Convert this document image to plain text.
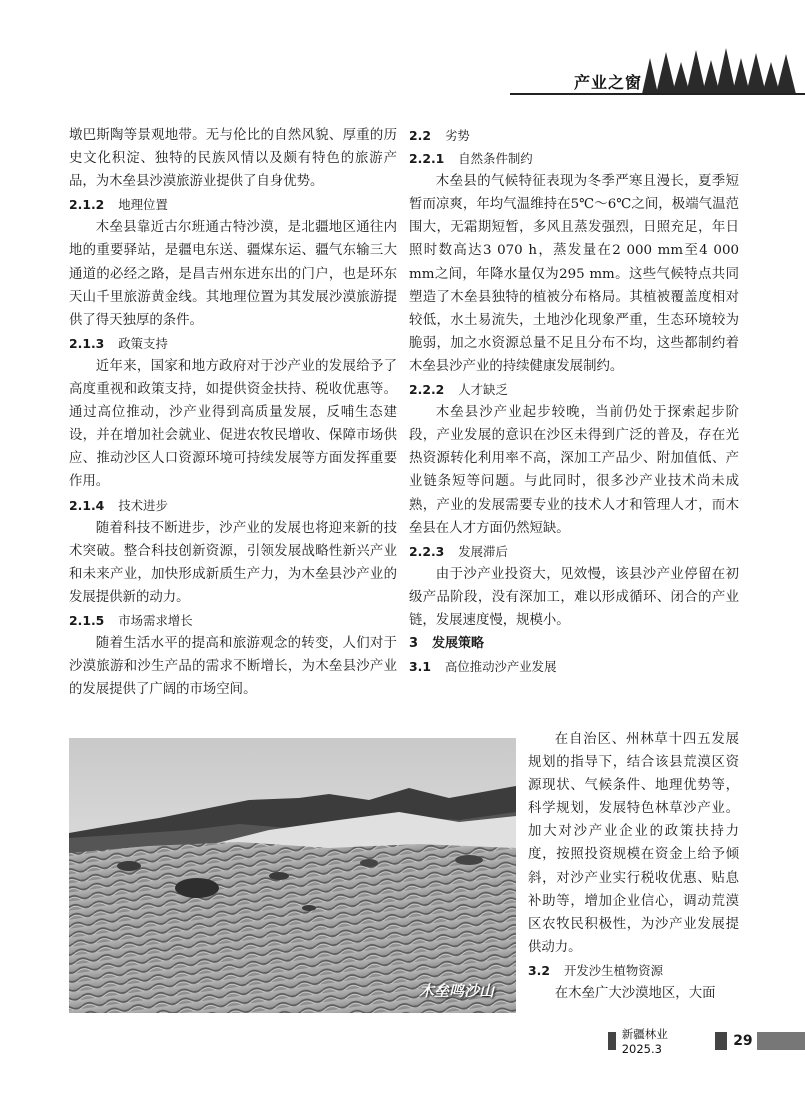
产业之窗

墩巴斯陶等景观地带。无与伦比的自然风貌、厚重的历史文化积淀、独特的民族风情以及颇有特色的旅游产品，为木垒县沙漠旅游业提供了自身优势。

2.1.2 地理位置

木垒县靠近古尔班通古特沙漠，是北疆地区通往内地的重要驿站，是疆电东送、疆煤东运、疆气东输三大通道的必经之路，是昌吉州东进东出的门户，也是环东天山千里旅游黄金线。其地理位置为其发展沙漠旅游提供了得天独厚的条件。

2.1.3 政策支持

近年来，国家和地方政府对于沙产业的发展给予了高度重视和政策支持，如提供资金扶持、税收优惠等。通过高位推动，沙产业得到高质量发展，反哺生态建设，并在增加社会就业、促进农牧民增收、保障市场供应、推动沙区人口资源环境可持续发展等方面发挥重要作用。

2.1.4 技术进步

随着科技不断进步，沙产业的发展也将迎来新的技术突破。整合科技创新资源，引领发展战略性新兴产业和未来产业，加快形成新质生产力，为木垒县沙产业的发展提供新的动力。

2.1.5 市场需求增长

随着生活水平的提高和旅游观念的转变，人们对于沙漠旅游和沙生产品的需求不断增长，为木垒县沙产业的发展提供了广阔的市场空间。

2.2 劣势
2.2.1 自然条件制约

木垒县的气候特征表现为冬季严寒且漫长，夏季短暂而凉爽，年均气温维持在5℃～6℃之间，极端气温范围大，无霜期短暂，多风且蒸发强烈，日照充足，年日照时数高达3 070 h，蒸发量在2 000 mm至4 000 mm之间，年降水量仅为295 mm。这些气候特点共同塑造了木垒县独特的植被分布格局。其植被覆盖度相对较低，水土易流失，土地沙化现象严重，生态环境较为脆弱，加之水资源总量不足且分布不均，这些都制约着木垒县沙产业的持续健康发展制约。

2.2.2 人才缺乏

木垒县沙产业起步较晚，当前仍处于探索起步阶段，产业发展的意识在沙区未得到广泛的普及，存在光热资源转化利用率不高，深加工产品少、附加值低、产业链条短等问题。与此同时，很多沙产业技术尚未成熟，产业的发展需要专业的技术人才和管理人才，而木垒县在人才方面仍然短缺。

2.2.3 发展滞后

由于沙产业投资大，见效慢，该县沙产业停留在初级产品阶段，没有深加工，难以形成循环、闭合的产业链，发展速度慢，规模小。

3 发展策略
3.1 高位推动沙产业发展

在自治区、州林草十四五发展规划的指导下，结合该县荒漠区资源现状、气候条件、地理优势等，科学规划，发展特色林草沙产业。加大对沙产业企业的政策扶持力度，按照投资规模在资金上给予倾斜，对沙产业实行税收优惠、贴息补助等，增加企业信心，调动荒漠区农牧民积极性，为沙产业发展提供动力。

3.2 开发沙生植物资源

在木垒广大沙漠地区，大面

木垒鸣沙山
新疆林业 2025.3	29
